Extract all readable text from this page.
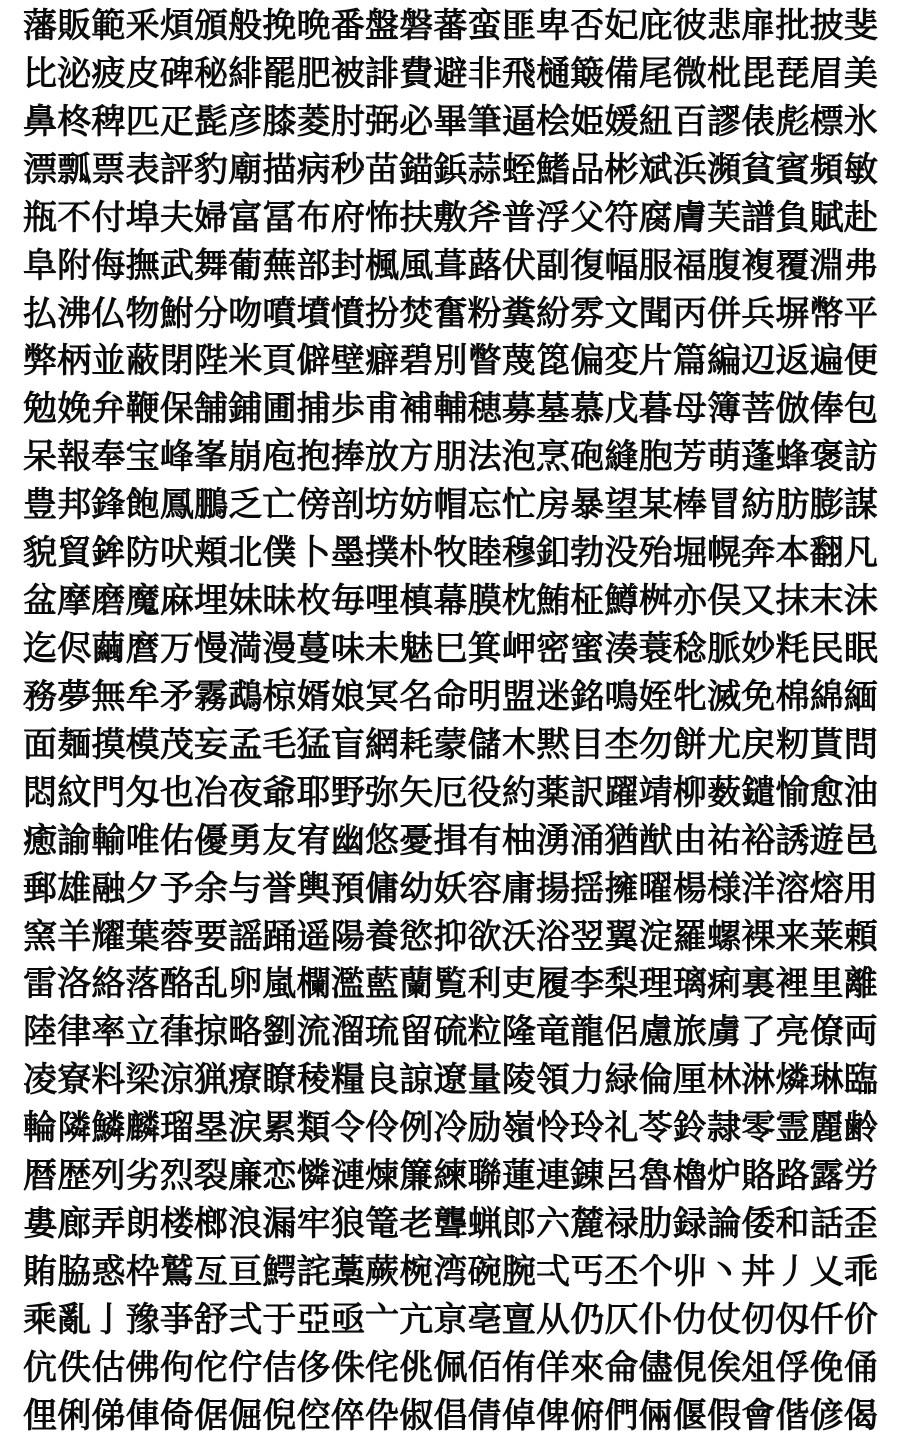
藩 販 範 釆 煩 頒 般 挽 晩 番 盤 磐 蕃 蛮 匪 卑 否 妃 庇 彼 悲 扉 批 披 斐
比 泌 疲 皮 碑 秘 緋 罷 肥 被 誹 費 避 非 飛 樋 簸 備 尾 微 枇 毘 琵 眉 美
鼻 柊 稗 匹 疋 髭 彦 膝 菱 肘 弼 必 畢 筆 逼 桧 姫 媛 紐 百 謬 俵 彪 標 氷
漂 瓢 票 表 評 豹 廟 描 病 秒 苗 錨 鋲 蒜 蛭 鰭 品 彬 斌 浜 瀕 貧 賓 頻 敏
瓶 不 付 埠 夫 婦 富 冨 布 府 怖 扶 敷 斧 普 浮 父 符 腐 膚 芙 譜 負 賦 赴
阜 附 侮 撫 武 舞 葡 蕪 部 封 楓 風 葺 蕗 伏 副 復 幅 服 福 腹 複 覆 淵 弗
払 沸 仏 物 鮒 分 吻 噴 墳 憤 扮 焚 奮 粉 糞 紛 雰 文 聞 丙 併 兵 塀 幣 平
弊 柄 並 蔽 閉 陛 米 頁 僻 壁 癖 碧 別 瞥 蔑 箆 偏 変 片 篇 編 辺 返 遍 便
勉 娩 弁 鞭 保 舗 鋪 圃 捕 歩 甫 補 輔 穂 募 墓 慕 戊 暮 母 簿 菩 倣 俸 包
呆 報 奉 宝 峰 峯 崩 庖 抱 捧 放 方 朋 法 泡 烹 砲 縫 胞 芳 萌 蓬 蜂 褒 訪
豊 邦 鋒 飽 鳳 鵬 乏 亡 傍 剖 坊 妨 帽 忘 忙 房 暴 望 某 棒 冒 紡 肪 膨 謀
貌 貿 鉾 防 吠 頬 北 僕 卜 墨 撲 朴 牧 睦 穆 釦 勃 没 殆 堀 幌 奔 本 翻 凡
盆 摩 磨 魔 麻 埋 妹 昧 枚 毎 哩 槙 幕 膜 枕 鮪 柾 鱒 桝 亦 俣 又 抹 末 沫
迄 侭 繭 麿 万 慢 満 漫 蔓 味 未 魅 巳 箕 岬 密 蜜 湊 蓑 稔 脈 妙 粍 民 眠
務 夢 無 牟 矛 霧 鵡 椋 婿 娘 冥 名 命 明 盟 迷 銘 鳴 姪 牝 滅 免 棉 綿 緬
面 麺 摸 模 茂 妄 孟 毛 猛 盲 網 耗 蒙 儲 木 黙 目 杢 勿 餅 尤 戻 籾 貰 問
悶 紋 門 匁 也 冶 夜 爺 耶 野 弥 矢 厄 役 約 薬 訳 躍 靖 柳 薮 鑓 愉 愈 油
癒 諭 輸 唯 佑 優 勇 友 宥 幽 悠 憂 揖 有 柚 湧 涌 猶 猷 由 祐 裕 誘 遊 邑
郵 雄 融 夕 予 余 与 誉 輿 預 傭 幼 妖 容 庸 揚 揺 擁 曜 楊 様 洋 溶 熔 用
窯 羊 耀 葉 蓉 要 謡 踊 遥 陽 養 慾 抑 欲 沃 浴 翌 翼 淀 羅 螺 裸 来 莱 頼
雷 洛 絡 落 酪 乱 卵 嵐 欄 濫 藍 蘭 覧 利 吏 履 李 梨 理 璃 痢 裏 裡 里 離
陸 律 率 立 葎 掠 略 劉 流 溜 琉 留 硫 粒 隆 竜 龍 侶 慮 旅 虜 了 亮 僚 両
凌 寮 料 梁 涼 猟 療 瞭 稜 糧 良 諒 遼 量 陵 領 力 緑 倫 厘 林 淋 燐 琳 臨
輪 隣 鱗 麟 瑠 塁 涙 累 類 令 伶 例 冷 励 嶺 怜 玲 礼 苓 鈴 隷 零 霊 麗 齢
暦 歴 列 劣 烈 裂 廉 恋 憐 漣 煉 簾 練 聯 蓮 連 錬 呂 魯 櫓 炉 賂 路 露 労
婁 廊 弄 朗 楼 榔 浪 漏 牢 狼 篭 老 聾 蝋 郎 六 麓 禄 肋 録 論 倭 和 話 歪
賄 脇 惑 枠 鷲 亙 亘 鰐 詫 藁 蕨 椀 湾 碗 腕 弌 丐 丕 个 丱 丶 丼 丿 乂 乖
乘 亂 亅 豫 亊 舒 弍 于 亞 亟 亠 亢 亰 亳 亶 从 仍 仄 仆 仂 仗 仞 仭 仟 价
伉 佚 估 佛 佝 佗 佇 佶 侈 侏 侘 佻 佩 佰 侑 佯 來 侖 儘 俔 俟 俎 俘 俛 俑
俚 俐 俤 俥 倚 倨 倔 倪 倥 倅 伜 俶 倡 倩 倬 俾 俯 們 倆 偃 假 會 偕 偐 偈
